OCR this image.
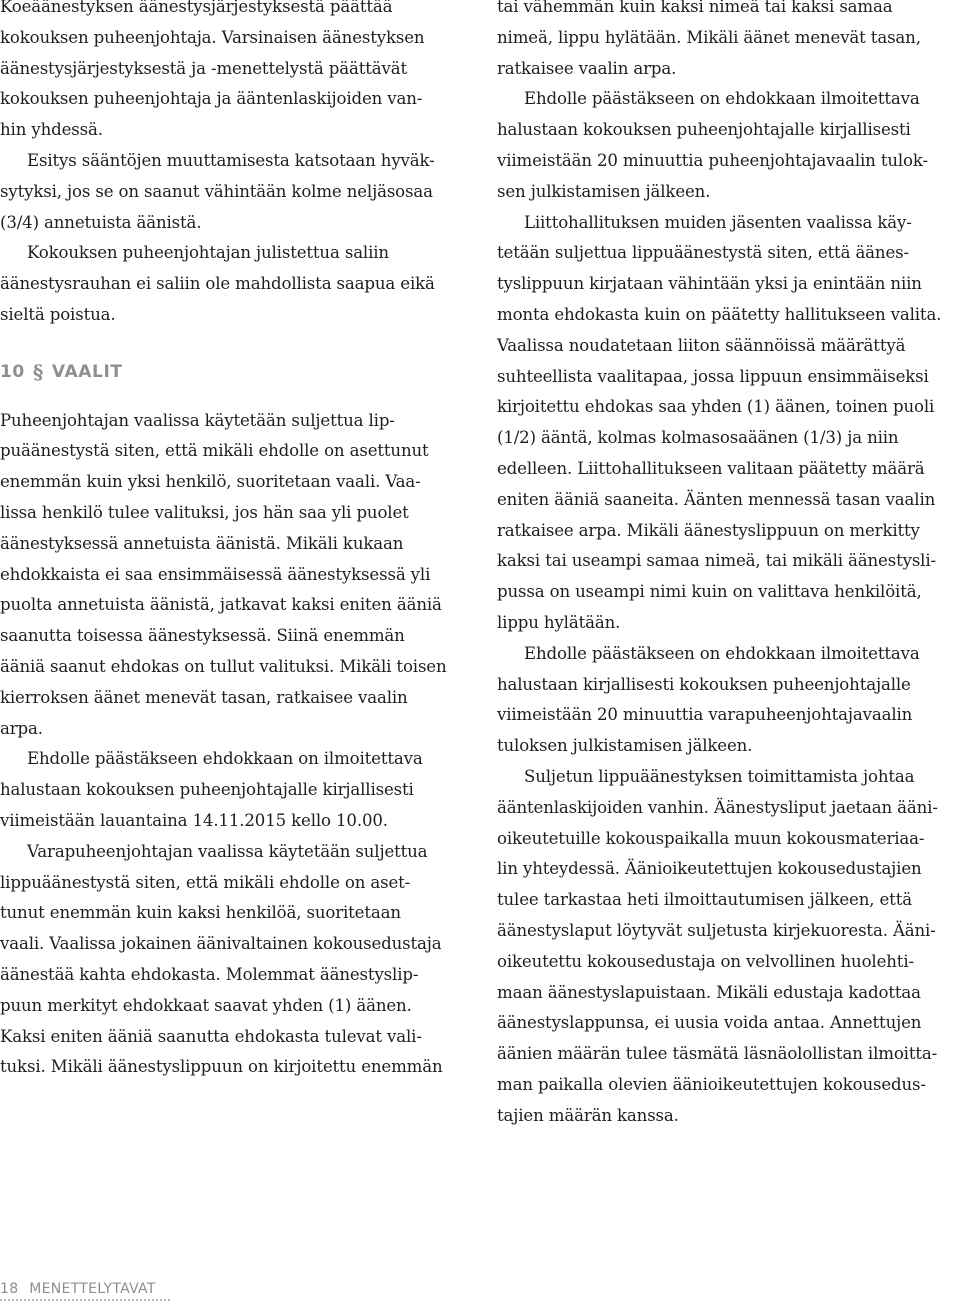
Koeäänestyksen äänestysjärjestyksestä päättää
kokouksen puheenjohtaja. Varsinaisen äänestyksen
äänestysjärjestyksestä ja -menettelystä päättävät
kokouksen puheenjohtaja ja ääntenlaskijoiden van-
hin yhdessä.
Esitys sääntöjen muuttamisesta katsotaan hyväk-
sytyksi, jos se on saanut vähintään kolme neljäsosaa
(3/4) annetuista äänistä.
Kokouksen puheenjohtajan julistettua saliin
äänestysrauhan ei saliin ole mahdollista saapua eikä
sieltä poistua.
10 § VAALIT
Puheenjohtajan vaalissa käytetään suljettua lip-
puäänestystä siten, että mikäli ehdolle on asettunut
enemmän kuin yksi henkilö, suoritetaan vaali. Vaa-
lissa henkilö tulee valituksi, jos hän saa yli puolet
äänestyksessä annetuista äänistä. Mikäli kukaan
ehdokkaista ei saa ensimmäisessä äänestyksessä yli
puolta annetuista äänistä, jatkavat kaksi eniten ääniä
saanutta toisessa äänestyksessä. Siinä enemmän
ääniä saanut ehdokas on tullut valituksi. Mikäli toisen
kierroksen äänet menevät tasan, ratkaisee vaalin
arpa.
Ehdolle päästäkseen ehdokkaan on ilmoitettava
halustaan kokouksen puheenjohtajalle kirjallisesti
viimeistään lauantaina 14.11.2015 kello 10.00.
Varapuheenjohtajan vaalissa käytetään suljettua
lippuäänestystä siten, että mikäli ehdolle on aset-
tunut enemmän kuin kaksi henkilöä, suoritetaan
vaali. Vaalissa jokainen äänivaltainen kokousedustaja
äänestää kahta ehdokasta. Molemmat äänestyslip-
puun merkityt ehdokkaat saavat yhden (1) äänen.
Kaksi eniten ääniä saanutta ehdokasta tulevat vali-
tuksi. Mikäli äänestyslippuun on kirjoitettu enemmän
tai vähemmän kuin kaksi nimeä tai kaksi samaa
nimeä, lippu hylätään. Mikäli äänet menevät tasan,
ratkaisee vaalin arpa.
Ehdolle päästäkseen on ehdokkaan ilmoitettava
halustaan kokouksen puheenjohtajalle kirjallisesti
viimeistään 20 minuuttia puheenjohtajavaalin tulok-
sen julkistamisen jälkeen.
Liittohallituksen muiden jäsenten vaalissa käy-
tetään suljettua lippuäänestystä siten, että äänes-
tyslippuun kirjataan vähintään yksi ja enintään niin
monta ehdokasta kuin on päätetty hallitukseen valita.
Vaalissa noudatetaan liiton säännöissä määrättyä
suhteellista vaalitapaa, jossa lippuun ensimmäiseksi
kirjoitettu ehdokas saa yhden (1) äänen, toinen puoli
(1/2) ääntä, kolmas kolmasosaäänen (1/3) ja niin
edelleen. Liittohallitukseen valitaan päätetty määrä
eniten ääniä saaneita. Äänten mennessä tasan vaalin
ratkaisee arpa. Mikäli äänestyslippuun on merkitty
kaksi tai useampi samaa nimeä, tai mikäli äänestysli-
pussa on useampi nimi kuin on valittava henkilöitä,
lippu hylätään.
Ehdolle päästäkseen on ehdokkaan ilmoitettava
halustaan kirjallisesti kokouksen puheenjohtajalle
viimeistään 20 minuuttia varapuheenjohtajavaalin
tuloksen julkistamisen jälkeen.
Suljetun lippuäänestyksen toimittamista johtaa
ääntenlaskijoiden vanhin. Äänestysliput jaetaan ääni-
oikeutetuille kokouspaikalla muun kokousmateriaa-
lin yhteydessä. Äänioikeutettujen kokousedustajien
tulee tarkastaa heti ilmoittautumisen jälkeen, että
äänestyslaput löytyvät suljetusta kirjekuoresta. Ääni-
oikeutettu kokousedustaja on velvollinen huolehti-
maan äänestyslapuistaan. Mikäli edustaja kadottaa
äänestyslappunsa, ei uusia voida antaa. Annettujen
äänien määrän tulee täsmätä läsnäolollistan ilmoitta-
man paikalla olevien äänioikeutettujen kokousedus-
tajien määrän kanssa.
18 MENETTELYTAVAT
